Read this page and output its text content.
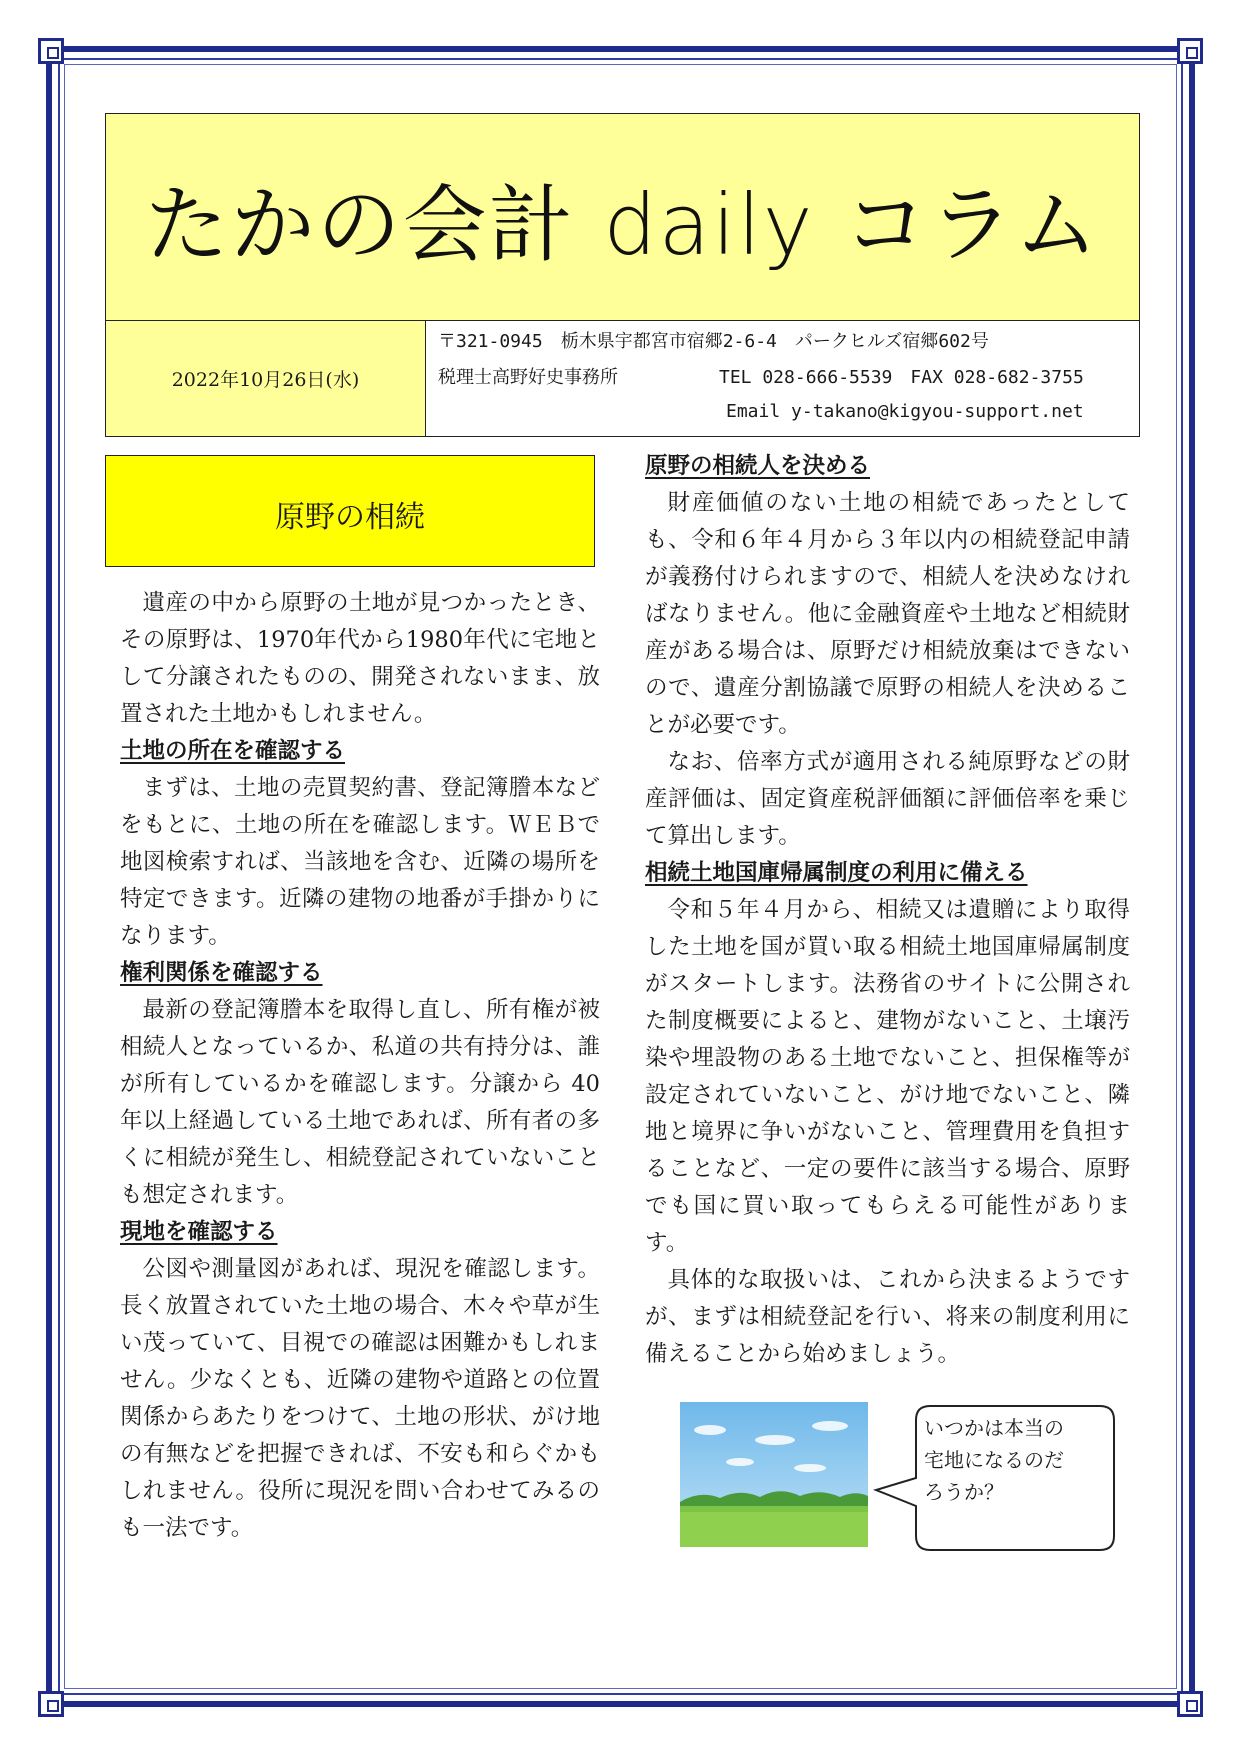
たかの会計 daily コラム
2022年10月26日(水)
〒321-0945　栃木県宇都宮市宿郷2-6-4　パークヒルズ宿郷602号
税理士高野好史事務所	TEL 028-666-5539　FAX 028-682-3755
Email y-takano@kigyou-support.net
原野の相続

遺産の中から原野の土地が見つかったとき、その原野は、1970年代から1980年代に宅地として分譲されたものの、開発されないまま、放置された土地かもしれません。

土地の所在を確認する

まずは、土地の売買契約書、登記簿謄本などをもとに、土地の所在を確認します。ＷＥＢで地図検索すれば、当該地を含む、近隣の場所を特定できます。近隣の建物の地番が手掛かりになります。

権利関係を確認する

最新の登記簿謄本を取得し直し、所有権が被相続人となっているか、私道の共有持分は、誰が所有しているかを確認します。分譲から 40 年以上経過している土地であれば、所有者の多くに相続が発生し、相続登記されていないことも想定されます。

現地を確認する

公図や測量図があれば、現況を確認します。長く放置されていた土地の場合、木々や草が生い茂っていて、目視での確認は困難かもしれません。少なくとも、近隣の建物や道路との位置関係からあたりをつけて、土地の形状、がけ地の有無などを把握できれば、不安も和らぐかもしれません。役所に現況を問い合わせてみるのも一法です。

原野の相続人を決める

財産価値のない土地の相続であったとしても、令和６年４月から３年以内の相続登記申請が義務付けられますので、相続人を決めなければなりません。他に金融資産や土地など相続財産がある場合は、原野だけ相続放棄はできないので、遺産分割協議で原野の相続人を決めることが必要です。

なお、倍率方式が適用される純原野などの財産評価は、固定資産税評価額に評価倍率を乗じて算出します。

相続土地国庫帰属制度の利用に備える

令和５年４月から、相続又は遺贈により取得した土地を国が買い取る相続土地国庫帰属制度がスタートします。法務省のサイトに公開された制度概要によると、建物がないこと、土壌汚染や埋設物のある土地でないこと、担保権等が設定されていないこと、がけ地でないこと、隣地と境界に争いがないこと、管理費用を負担することなど、一定の要件に該当する場合、原野でも国に買い取ってもらえる可能性があります。

具体的な取扱いは、これから決まるようですが、まずは相続登記を行い、将来の制度利用に備えることから始めましょう。

いつかは本当の
宅地になるのだ
ろうか？
